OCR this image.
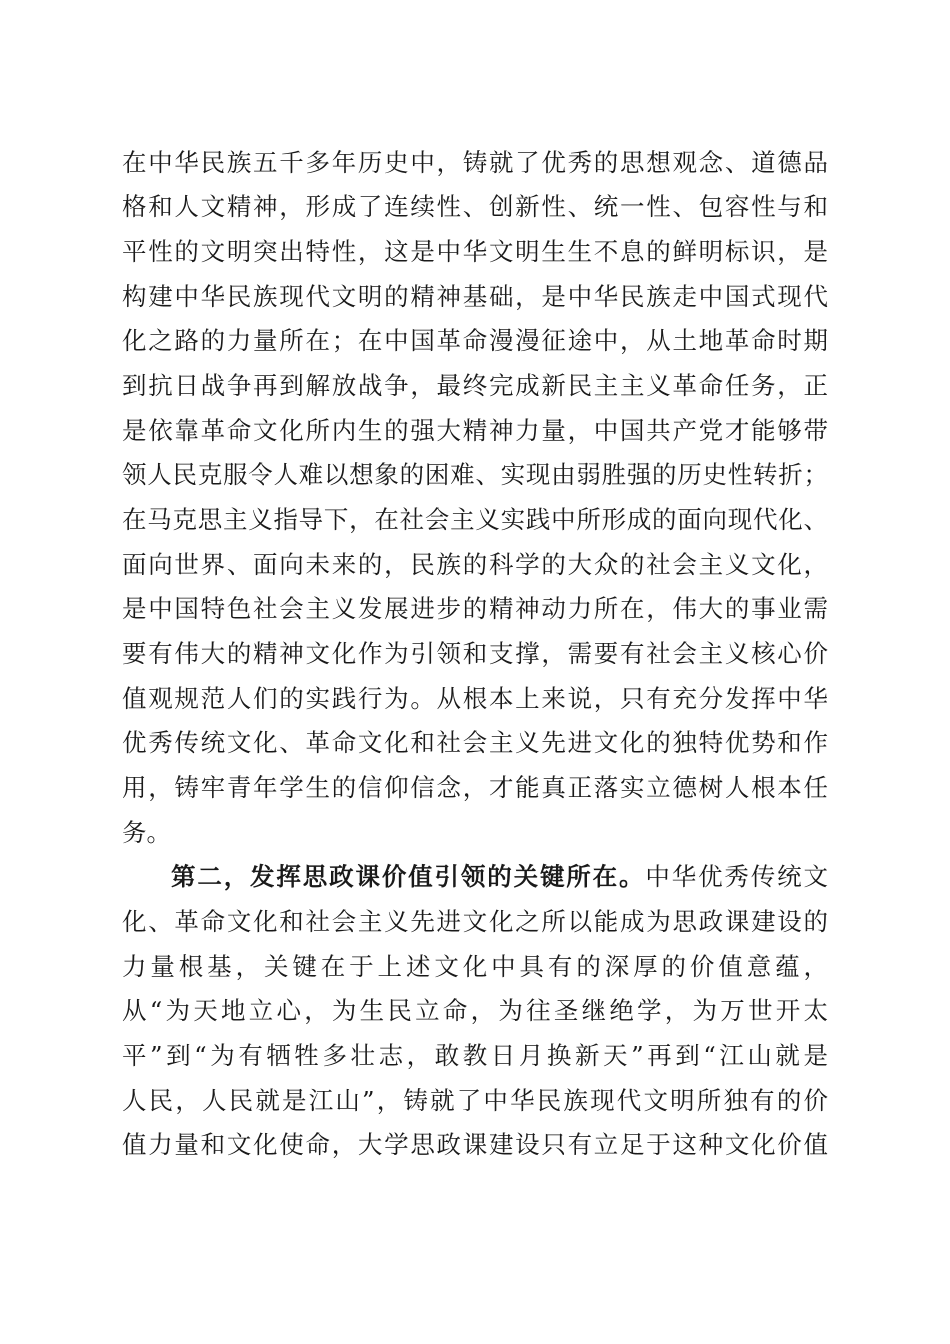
在中华民族五千多年历史中，铸就了优秀的思想观念、道德品
格和人文精神，形成了连续性、创新性、统一性、包容性与和
平性的文明突出特性，这是中华文明生生不息的鲜明标识，是
构建中华民族现代文明的精神基础，是中华民族走中国式现代
化之路的力量所在；在中国革命漫漫征途中，从土地革命时期
到抗日战争再到解放战争，最终完成新民主主义革命任务，正
是依靠革命文化所内生的强大精神力量，中国共产党才能够带
领人民克服令人难以想象的困难、实现由弱胜强的历史性转折；
在马克思主义指导下，在社会主义实践中所形成的面向现代化、
面向世界、面向未来的，民族的科学的大众的社会主义文化，
是中国特色社会主义发展进步的精神动力所在，伟大的事业需
要有伟大的精神文化作为引领和支撑，需要有社会主义核心价
值观规范人们的实践行为。从根本上来说，只有充分发挥中华
优秀传统文化、革命文化和社会主义先进文化的独特优势和作
用，铸牢青年学生的信仰信念，才能真正落实立德树人根本任
务。
第二，发挥思政课价值引领的关键所在。中华优秀传统文
化、革命文化和社会主义先进文化之所以能成为思政课建设的
力量根基，关键在于上述文化中具有的深厚的价值意蕴，
从“为天地立心，为生民立命，为往圣继绝学，为万世开太
平”到“为有牺牲多壮志，敢教日月换新天”再到“江山就是
人民，人民就是江山”，铸就了中华民族现代文明所独有的价
值力量和文化使命，大学思政课建设只有立足于这种文化价值
